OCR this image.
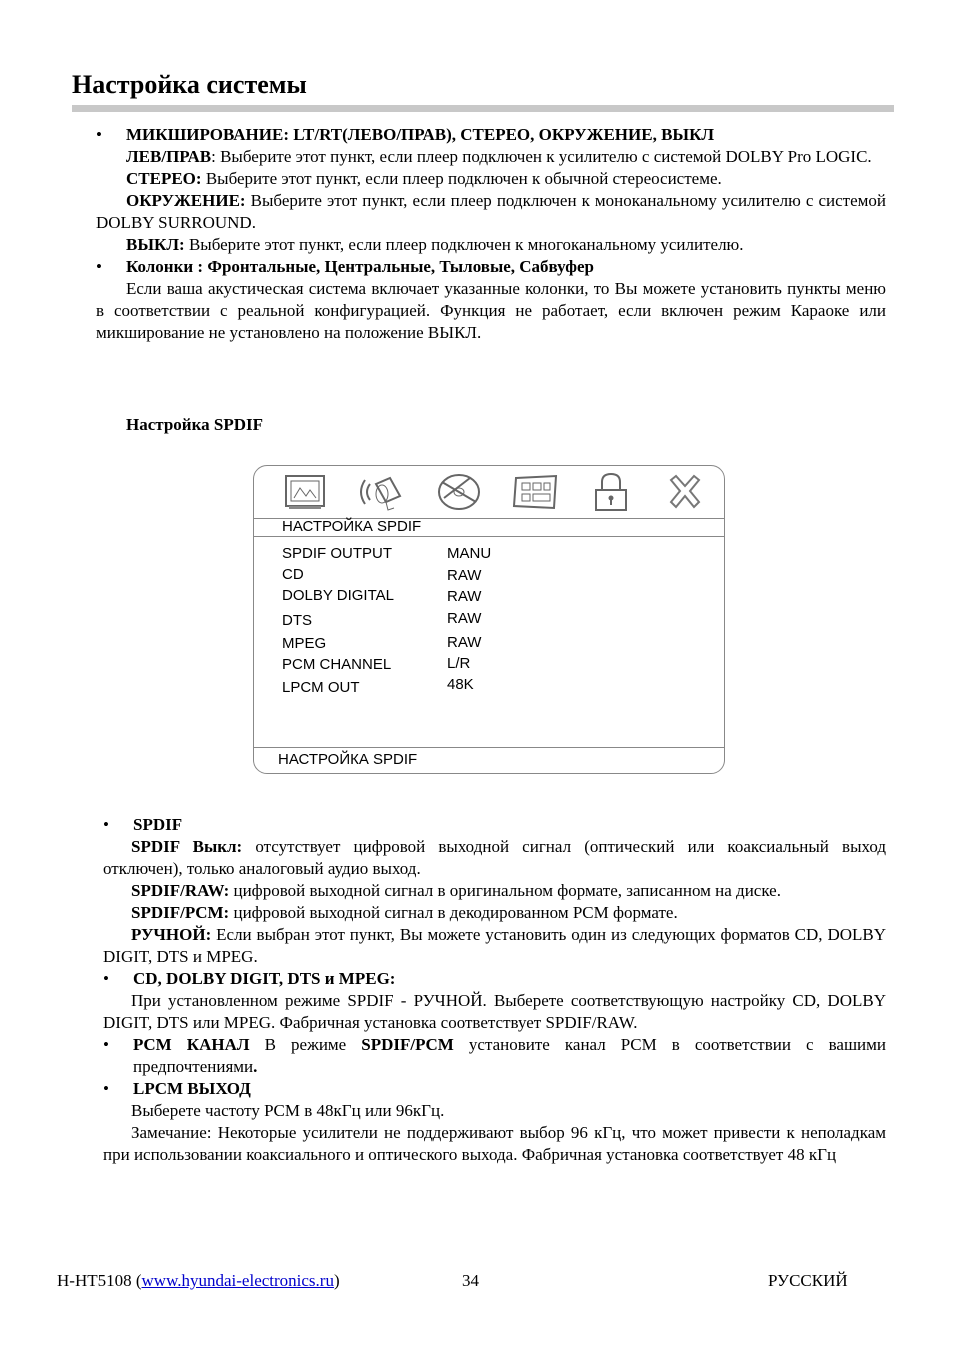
Настройка системы

• МИКШИРОВАНИЕ: LT/RT(ЛЕВО/ПРАВ), СТЕРЕО, ОКРУЖЕНИЕ, ВЫКЛ

ЛЕВ/ПРАВ: Выберите этот пункт, если плеер подключен к усилителю с системой DOLBY Pro LOGIC.

СТЕРЕО: Выберите этот пункт, если плеер подключен к обычной стереосистеме.

ОКРУЖЕНИЕ: Выберите этот пункт, если плеер подключен к моноканальному усилителю с системой DOLBY SURROUND.

ВЫКЛ: Выберите этот пункт, если плеер подключен к многоканальному усилителю.

• Колонки : Фронтальные, Центральные, Тыловые, Сабвуфер

Если ваша акустическая система включает указанные колонки, то Вы можете установить пункты меню в соответствии с реальной конфигурацией. Функция не работает, если включен режим Караоке или микширование не установлено на положение ВЫКЛ.

Настройка SPDIF
НАСТРОЙКА SPDIF
SPDIF OUTPUT	MANU
CD	RAW
DOLBY DIGITAL	RAW
DTS	RAW
MPEG	RAW
PCM CHANNEL	L/R
LPCM OUT	48K
НАСТРОЙКА SPDIF

• SPDIF

SPDIF Выкл: отсутствует цифровой выходной сигнал (оптический или коаксиальный выход отключен), только аналоговый аудио выход.

SPDIF/RAW: цифровой выходной сигнал в оригинальном формате, записанном на диске.

SPDIF/PCM: цифровой выходной сигнал в декодированном PCM формате.

РУЧНОЙ: Если выбран этот пункт, Вы можете установить один из следующих форматов CD, DOLBY DIGIT, DTS и MPEG.

• CD, DOLBY DIGIT, DTS и MPEG:

При установленном режиме SPDIF - РУЧНОЙ. Выберете соответствующую настройку CD, DOLBY DIGIT, DTS или MPEG. Фабричная установка соответствует SPDIF/RAW.

• PCM КАНАЛ В режиме SPDIF/PCM установите канал PCM в соответствии с вашими предпочтениями.

• LPCM ВЫХОД

Выберете частоту PCM в 48кГц или 96кГц.

Замечание: Некоторые усилители не поддерживают выбор 96 кГц, что может привести к неполадкам при использовании коаксиального и оптического выхода. Фабричная установка соответствует 48 кГц

H-HT5108 (www.hyundai-electronics.ru)	34	РУССКИЙ
